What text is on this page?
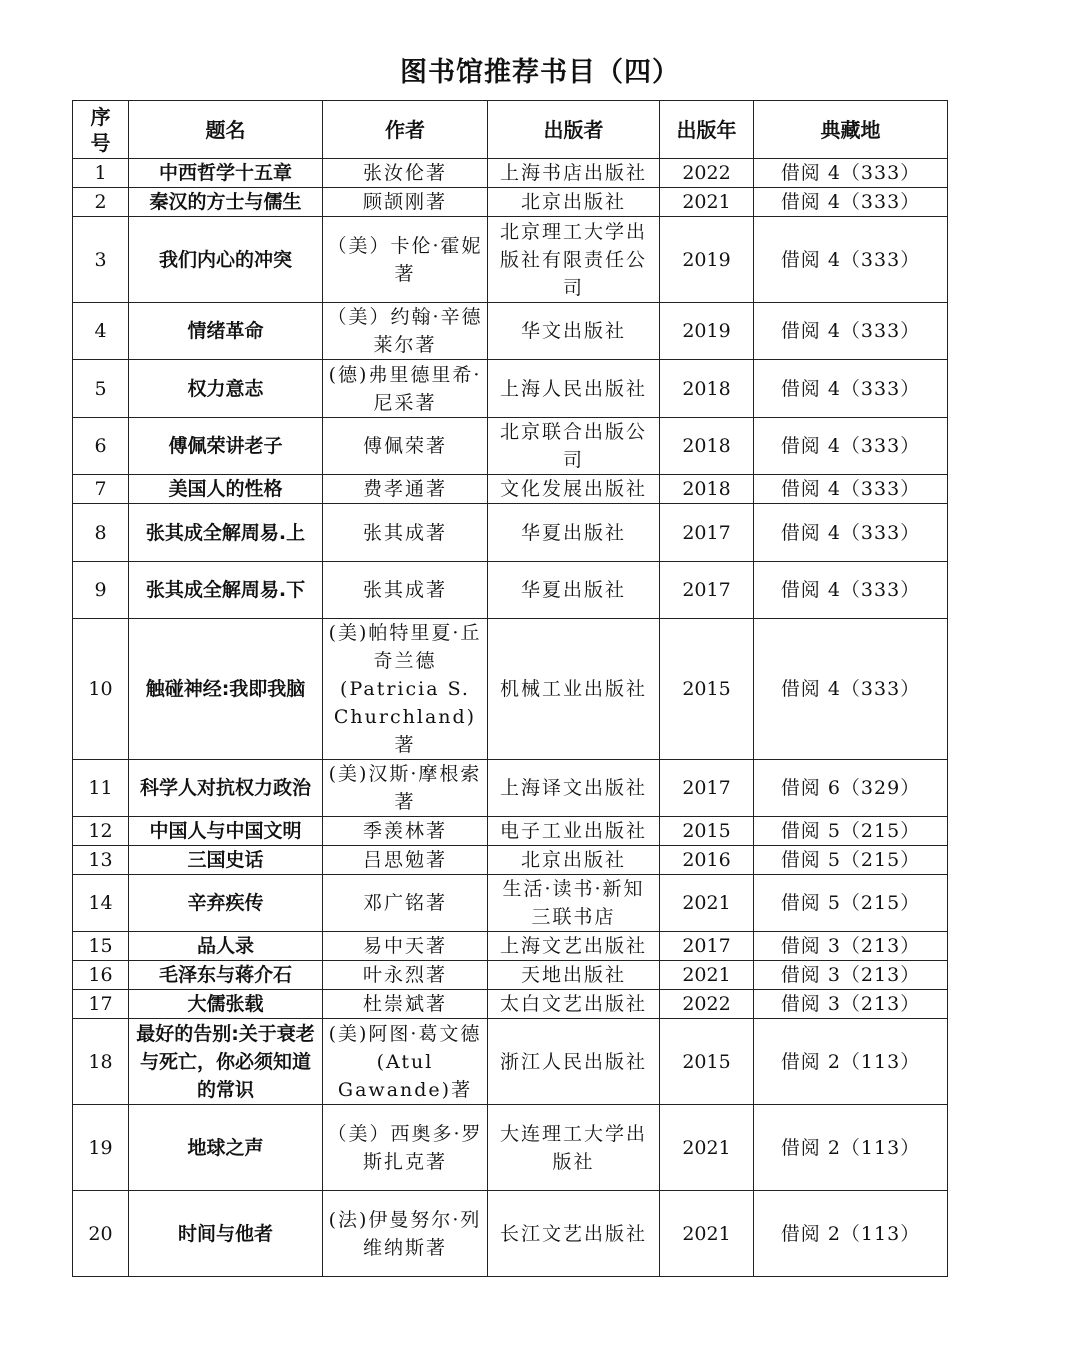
图书馆推荐书目（四）
序号	题名	作者	出版者	出版年	典藏地
1	中西哲学十五章	张汝伦著	上海书店出版社	2022	借阅 4（333）
2	秦汉的方士与儒生	顾颉刚著	北京出版社	2021	借阅 4（333）
3	我们内心的冲突	（美）卡伦·霍妮著	北京理工大学出版社有限责任公司	2019	借阅 4（333）
4	情绪革命	（美）约翰·辛德莱尔著	华文出版社	2019	借阅 4（333）
5	权力意志	(德)弗里德里希·尼采著	上海人民出版社	2018	借阅 4（333）
6	傅佩荣讲老子	傅佩荣著	北京联合出版公司	2018	借阅 4（333）
7	美国人的性格	费孝通著	文化发展出版社	2018	借阅 4（333）
8	张其成全解周易.上	张其成著	华夏出版社	2017	借阅 4（333）
9	张其成全解周易.下	张其成著	华夏出版社	2017	借阅 4（333）
10	触碰神经:我即我脑	(美)帕特里夏·丘奇兰德(Patricia S. Churchland)著	机械工业出版社	2015	借阅 4（333）
11	科学人对抗权力政治	(美)汉斯·摩根索著	上海译文出版社	2017	借阅 6（329）
12	中国人与中国文明	季羡林著	电子工业出版社	2015	借阅 5（215）
13	三国史话	吕思勉著	北京出版社	2016	借阅 5（215）
14	辛弃疾传	邓广铭著	生活·读书·新知三联书店	2021	借阅 5（215）
15	品人录	易中天著	上海文艺出版社	2017	借阅 3（213）
16	毛泽东与蒋介石	叶永烈著	天地出版社	2021	借阅 3（213）
17	大儒张载	杜崇斌著	太白文艺出版社	2022	借阅 3（213）
18	最好的告别:关于衰老与死亡，你必须知道的常识	(美)阿图·葛文德(Atul Gawande)著	浙江人民出版社	2015	借阅 2（113）
19	地球之声	（美）西奥多·罗斯扎克著	大连理工大学出版社	2021	借阅 2（113）
20	时间与他者	(法)伊曼努尔·列维纳斯著	长江文艺出版社	2021	借阅 2（113）
